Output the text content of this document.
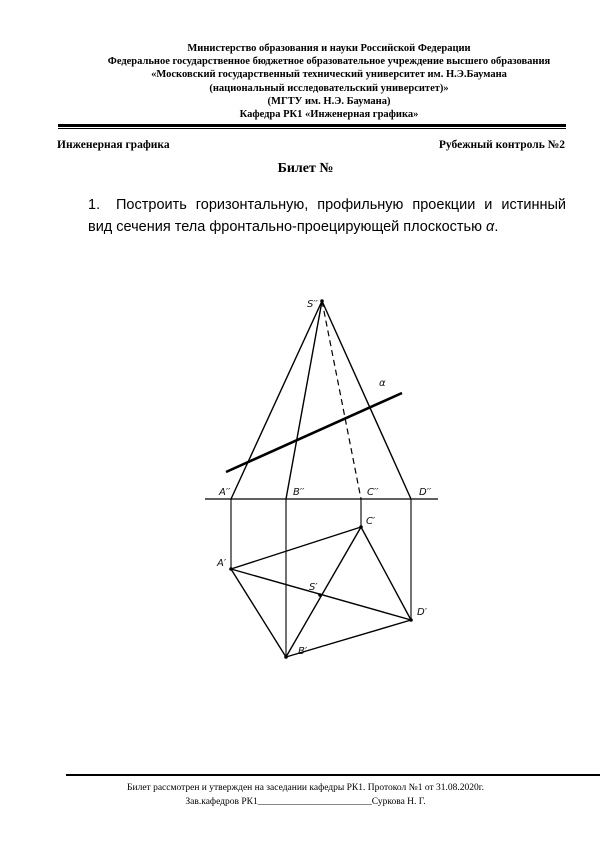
Министерство образования и науки Российской Федерации
Федеральное государственное бюджетное образовательное учреждение высшего образования
«Московский государственный технический университет им. Н.Э.Баумана
(национальный исследовательский университет)»
(МГТУ им. Н.Э. Баумана)
Кафедра РК1 «Инженерная графика»
Инженерная графика	Рубежный контроль №2
Билет №
1. Построить горизонтальную, профильную проекции и истинный вид сечения тела фронтально-проецирующей плоскостью α.
S′′
α
A′′	B′′	C′′	D′′
C′
A′
S′
D′
B′
Билет рассмотрен и утвержден на заседании кафедры РК1. Протокол №1 от 31.08.2020г.
Зав.кафедров РК1________________________Суркова Н. Г.
